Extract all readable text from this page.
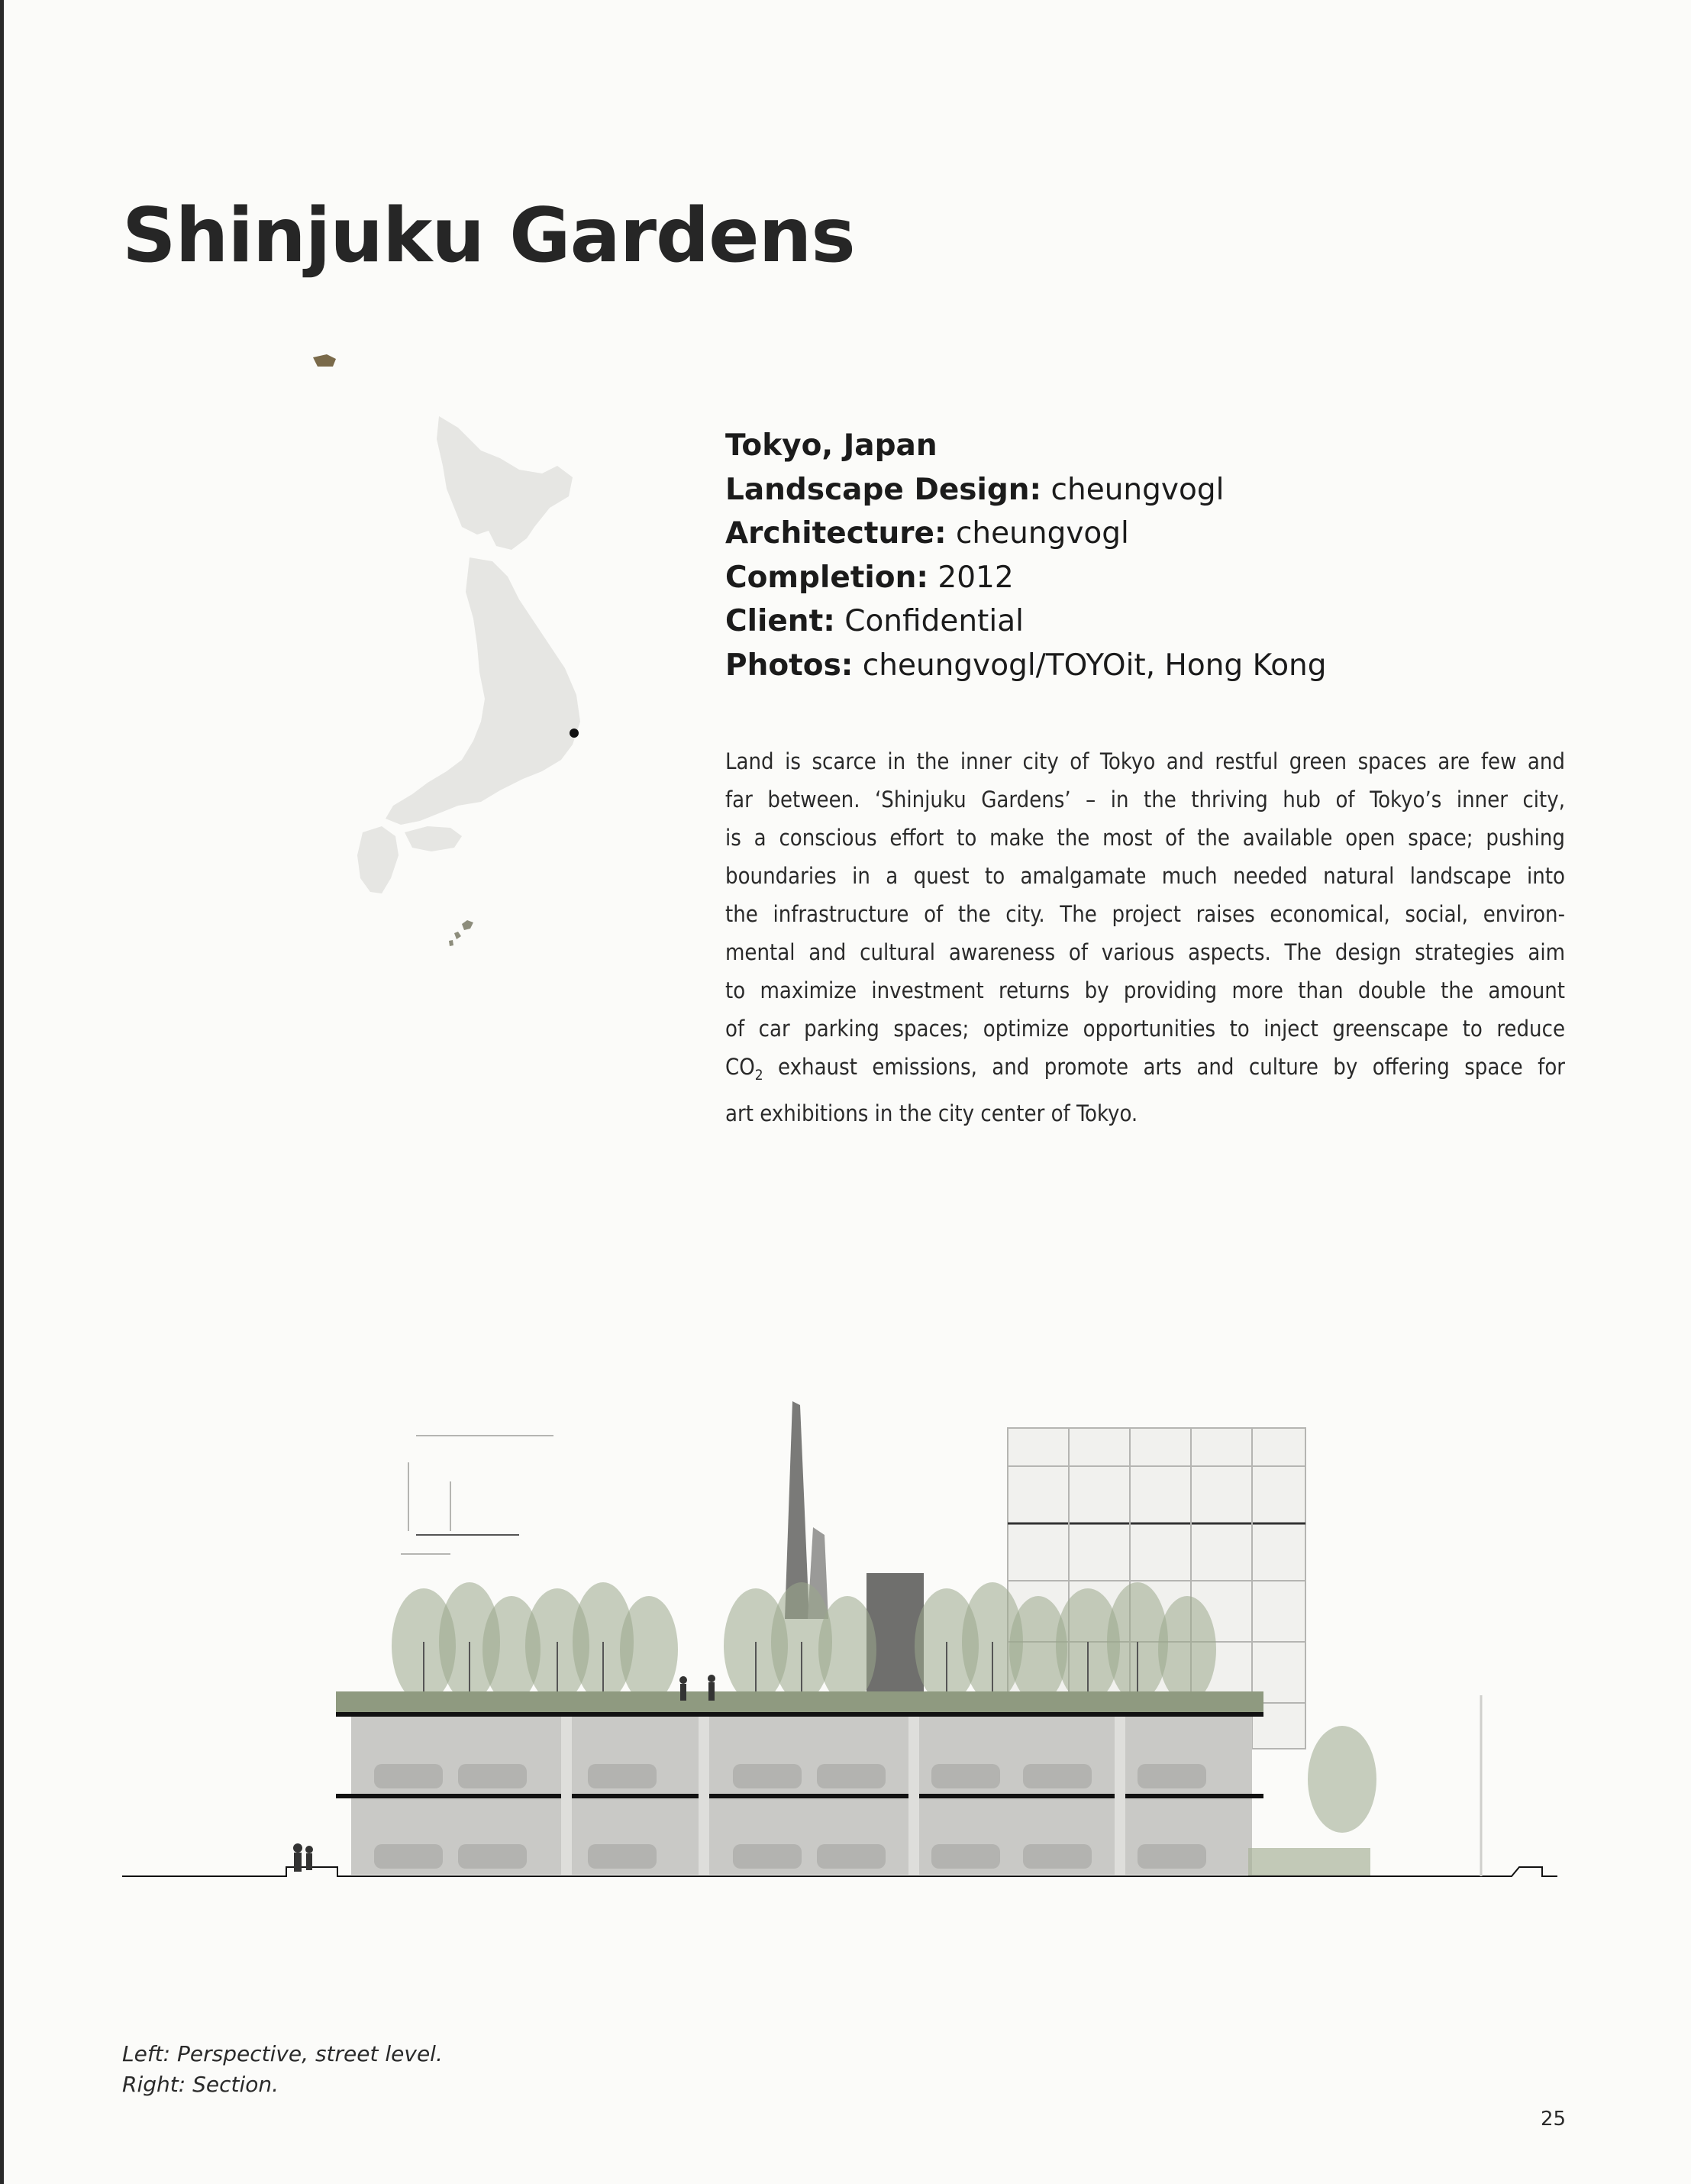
Shinjuku Gardens
Tokyo, Japan
Landscape Design: cheungvogl
Architecture: cheungvogl
Completion: 2012
Client: Confidential
Photos: cheungvogl/TOYOit, Hong Kong

Land is scarce in the inner city of Tokyo and restful green spaces are few and
far between. ‘Shinjuku Gardens’ – in the thriving hub of Tokyo’s inner city,
is a conscious effort to make the most of the available open space; pushing
boundaries in a quest to amalgamate much needed natural landscape into
the infrastructure of the city. The project raises economical, social, environ-
mental and cultural awareness of various aspects. The design strategies aim
to maximize investment returns by providing more than double the amount
of car parking spaces; optimize opportunities to inject greenscape to reduce
$CO_2$ exhaust emissions, and promote arts and culture by offering space for
art exhibitions in the city center of Tokyo.

Left: Perspective, street level.
Right: Section.
25
